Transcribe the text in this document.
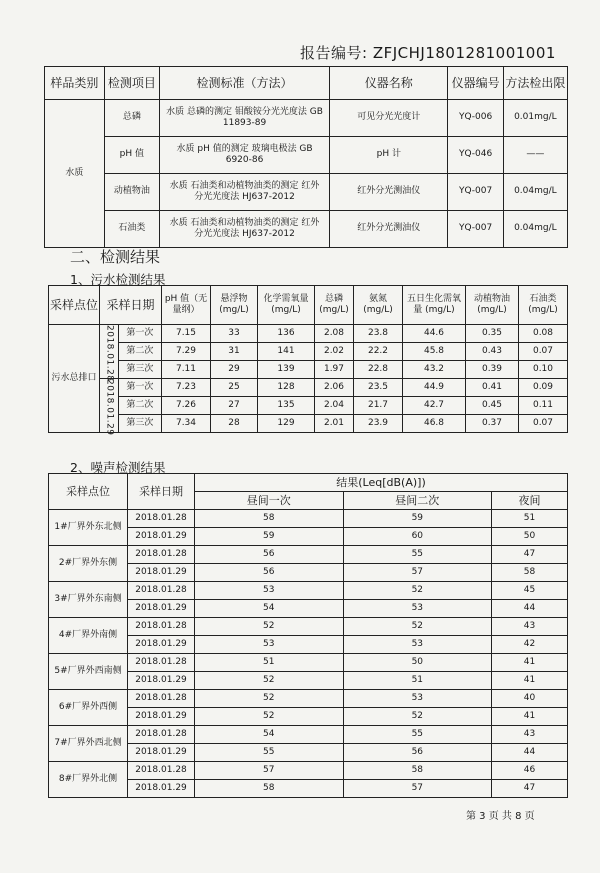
报告编号: ZFJCHJ1801281001001
样品类别	检测项目	检测标准（方法）	仪器名称	仪器编号	方法检出限
水质	总磷	水质 总磷的测定 钼酸铵分光光度法 GB 11893-89	可见分光光度计	YQ-006	0.01mg/L
	pH 值	水质 pH 值的测定 玻璃电极法 GB 6920-86	pH 计	YQ-046	——
	动植物油	水质 石油类和动植物油类的测定 红外分光光度法 HJ637-2012	红外分光测油仪	YQ-007	0.04mg/L
	石油类	水质 石油类和动植物油类的测定 红外分光光度法 HJ637-2012	红外分光测油仪	YQ-007	0.04mg/L
二、检测结果
1、污水检测结果
采样点位	采样日期		pH 值（无量纲）	悬浮物(mg/L)	化学需氧量 (mg/L)	总磷 (mg/L)	氨氮 (mg/L)	五日生化需氧量 (mg/L)	动植物油 (mg/L)	石油类 (mg/L)
污水总排口	2018.01.28	第一次	7.15	33	136	2.08	23.8	44.6	0.35	0.08
		第二次	7.29	31	141	2.02	22.2	45.8	0.43	0.07
		第三次	7.11	29	139	1.97	22.8	43.2	0.39	0.10
	2018.01.29	第一次	7.23	25	128	2.06	23.5	44.9	0.41	0.09
		第二次	7.26	27	135	2.04	21.7	42.7	0.45	0.11
		第三次	7.34	28	129	2.01	23.9	46.8	0.37	0.07
2、噪声检测结果
采样点位	采样日期	结果(Leq[dB(A)])		
		昼间一次	昼间二次	夜间
1#厂界外东北侧	2018.01.28	58	59	51
	2018.01.29	59	60	50
2#厂界外东侧	2018.01.28	56	55	47
	2018.01.29	56	57	58
3#厂界外东南侧	2018.01.28	53	52	45
	2018.01.29	54	53	44
4#厂界外南侧	2018.01.28	52	52	43
	2018.01.29	53	53	42
5#厂界外西南侧	2018.01.28	51	50	41
	2018.01.29	52	51	41
6#厂界外西侧	2018.01.28	52	53	40
	2018.01.29	52	52	41
7#厂界外西北侧	2018.01.28	54	55	43
	2018.01.29	55	56	44
8#厂界外北侧	2018.01.28	57	58	46
	2018.01.29	58	57	47
第 3 页 共 8 页
